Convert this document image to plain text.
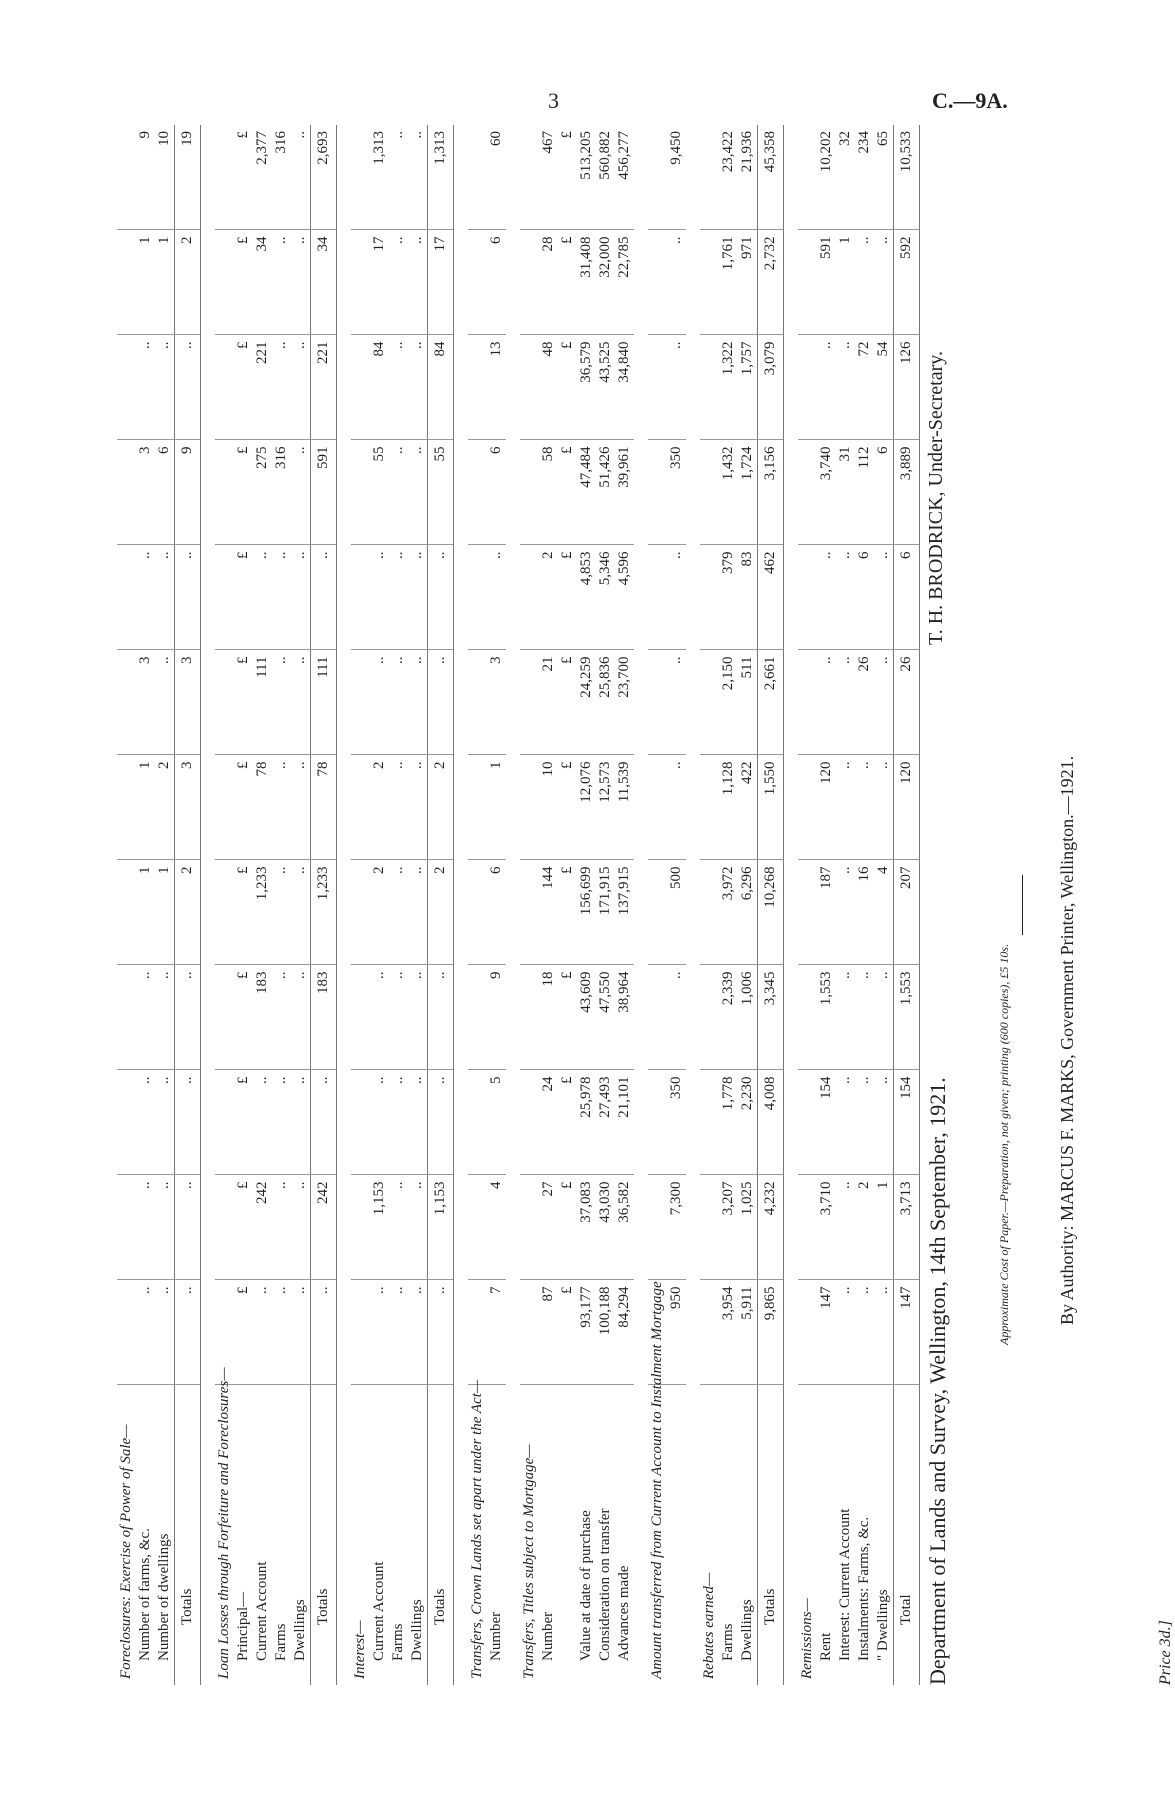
3	C.—9A.
Foreclosures: Exercise of Power of Sale—												
Number of farms, &c.	..	..	..	..	1	1	3	..	3	..	1	9
Number of dwellings	..	..	..	..	1	2	..	..	6	..	1	10
Totals	..	..	..	..	2	3	3	..	9	..	2	19

Loan Losses through Forfeiture and Foreclosures—												
Principal—	£	£	£	£	£	£	£	£	£	£	£	£
Current Account	..	242	..	183	1,233	78	111	..	275	221	34	2,377
Farms	..	..	..	..	..	..	..	..	316	..	..	316
Dwellings	..	..	..	..	..	..	..	..	..	..	..	..
Totals	..	242	..	183	1,233	78	111	..	591	221	34	2,693

Interest—												
Current Account	..	1,153	..	..	2	2	..	..	55	84	17	1,313
Farms	..	..	..	..	..	..	..	..	..	..	..	..
Dwellings	..	..	..	..	..	..	..	..	..	..	..	..
Totals	..	1,153	..	..	2	2	..	..	55	84	17	1,313

Transfers, Crown Lands set apart under the Act—												
Number	7	4	5	9	6	1	3	..	6	13	6	60

Transfers, Titles subject to Mortgage—												
Number	87	27	24	18	144	10	21	2	58	48	28	467
	£	£	£	£	£	£	£	£	£	£	£	£
Value at date of purchase	93,177	37,083	25,978	43,609	156,699	12,076	24,259	4,853	47,484	36,579	31,408	513,205
Consideration on transfer	100,188	43,030	27,493	47,550	171,915	12,573	25,836	5,346	51,426	43,525	32,000	560,882
Advances made	84,294	36,582	21,101	38,964	137,915	11,539	23,700	4,596	39,961	34,840	22,785	456,277

Amount transferred from Current Account to Instalment Mortgage												
	950	7,300	350	..	500	..	..	..	350	..	..	9,450

Rebates earned—												
Farms	3,954	3,207	1,778	2,339	3,972	1,128	2,150	379	1,432	1,322	1,761	23,422
Dwellings	5,911	1,025	2,230	1,006	6,296	422	511	83	1,724	1,757	971	21,936
Totals	9,865	4,232	4,008	3,345	10,268	1,550	2,661	462	3,156	3,079	2,732	45,358

Remissions—												
Rent	147	3,710	154	1,553	187	120	..	..	3,740	..	591	10,202
Interest: Current Account	..	..	..	..	..	..	..	..	31	..	1	32
Instalments: Farms, &c.	..	2	..	..	16	..	26	6	112	72	..	234
" Dwellings	..	1	..	..	4	..	..	..	6	54	..	65
Total	147	3,713	154	1,553	207	120	26	6	3,889	126	592	10,533

Department of Lands and Survey, Wellington, 14th September, 1921.
T. H. BRODRICK, Under-Secretary.
Approximate Cost of Paper.—Preparation, not given; printing (600 copies), £5 10s.	By Authority: MARCUS F. MARKS, Government Printer, Wellington.—1921.
Price 3d.]
